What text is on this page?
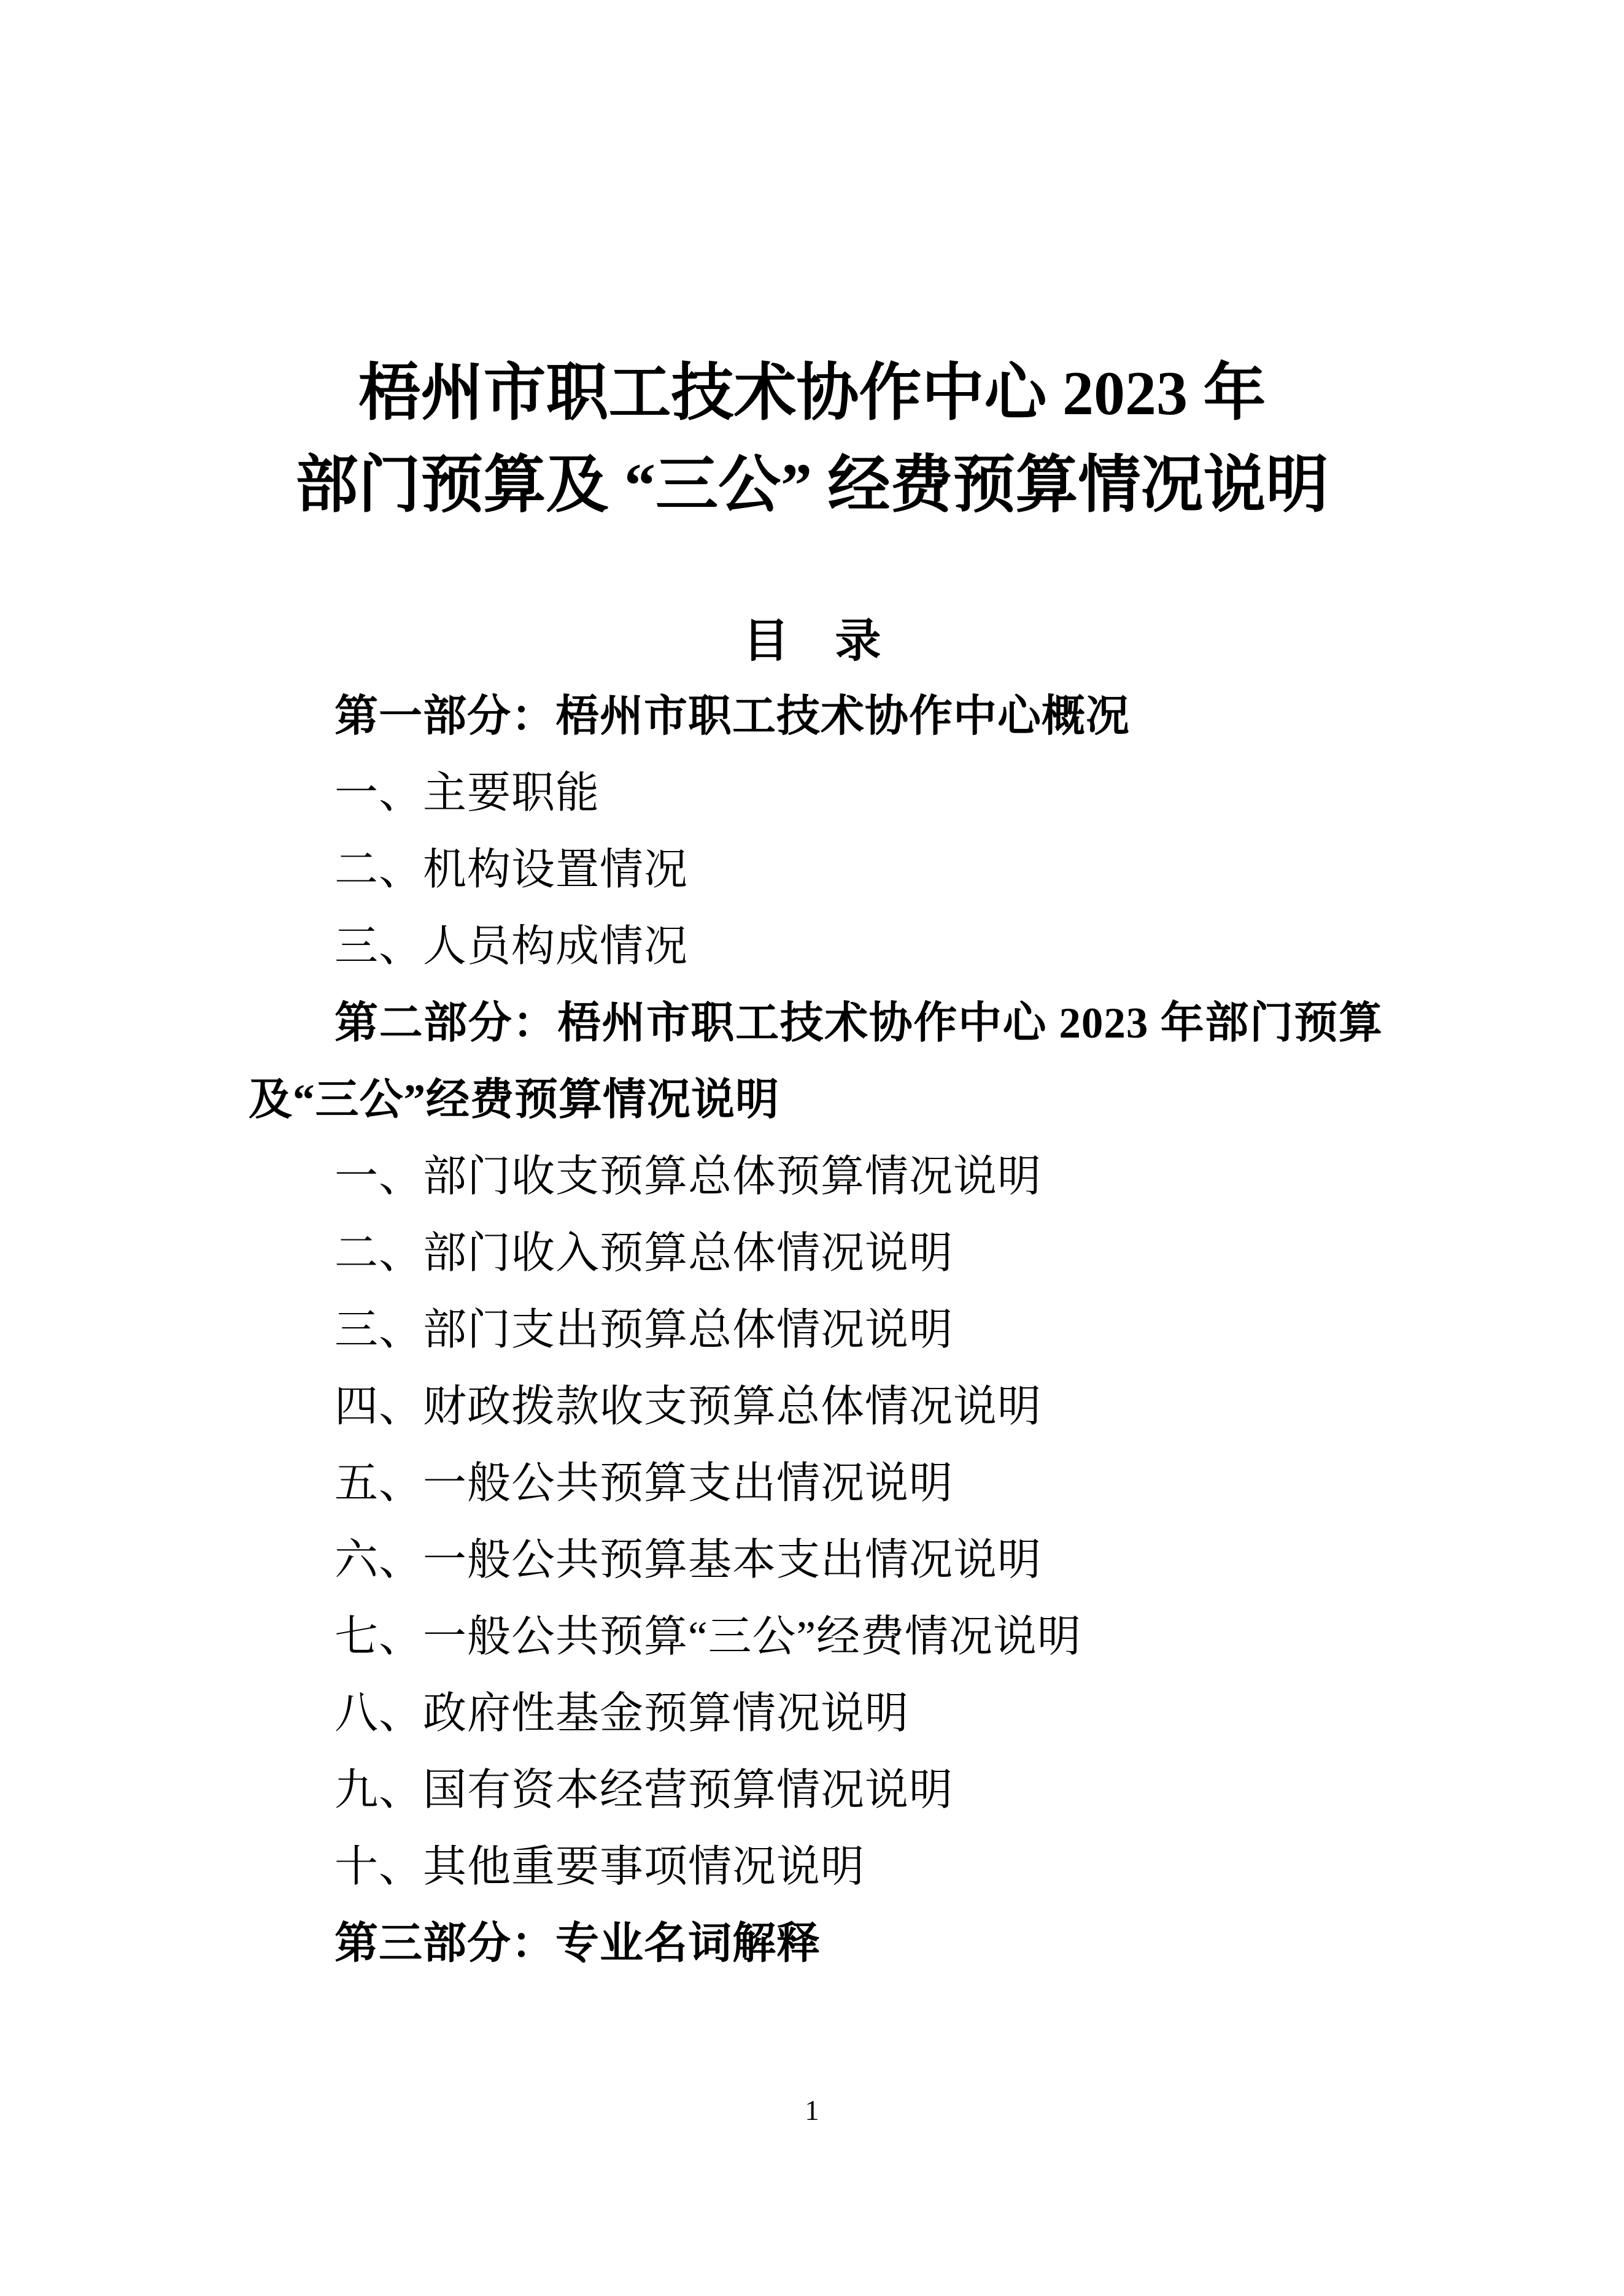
梧州市职工技术协作中心 2023 年
部门预算及 “三公” 经费预算情况说明
目　录
第一部分：梧州市职工技术协作中心概况
一、主要职能
二、机构设置情况
三、人员构成情况
第二部分：梧州市职工技术协作中心 2023 年部门预算
及“三公”经费预算情况说明
一、部门收支预算总体预算情况说明
二、部门收入预算总体情况说明
三、部门支出预算总体情况说明
四、财政拨款收支预算总体情况说明
五、一般公共预算支出情况说明
六、一般公共预算基本支出情况说明
七、一般公共预算“三公”经费情况说明
八、政府性基金预算情况说明
九、国有资本经营预算情况说明
十、其他重要事项情况说明
第三部分：专业名词解释
1
